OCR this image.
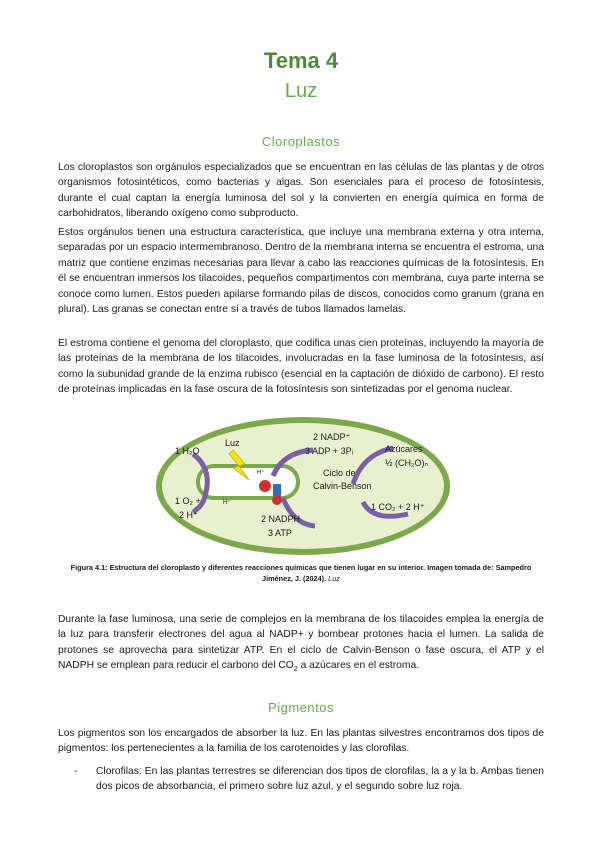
Tema 4
Luz
Cloroplastos

Los cloroplastos son orgánulos especializados que se encuentran en las células de las plantas y de otros organismos fotosintéticos, como bacterias y algas. Son esenciales para el proceso de fotosíntesis, durante el cual captan la energía luminosa del sol y la convierten en energía química en forma de carbohidratos, liberando oxígeno como subproducto.

Estos orgánulos tienen una estructura característica, que incluye una membrana externa y otra interna, separadas por un espacio intermembranoso. Dentro de la membrana interna se encuentra el estroma, una matriz que contiene enzimas necesarias para llevar a cabo las reacciones químicas de la fotosíntesis. En él se encuentran inmersos los tilacoides, pequeños compartimentos con membrana, cuya parte interna se conoce como lumen. Estos pueden apilarse formando pilas de discos, conocidos como granum (grana en plural). Las granas se conectan entre sí a través de tubos llamados lamelas.

El estroma contiene el genoma del cloroplasto, que codifica unas cien proteínas, incluyendo la mayoría de las proteínas de la membrana de los tilacoides, involucradas en la fase luminosa de la fotosíntesis, así como la subunidad grande de la enzima rubisco (esencial en la captación de dióxido de carbono). El resto de proteínas implicadas en la fase oscura de la fotosíntesis son sintetizadas por el genoma nuclear.

1 H₂O
Luz
2 NADP⁺
3 ADP + 3Pᵢ	Azúcares
½ (CH₂O)ₙ
Ciclo de
Calvin-Benson
1 O₂ +
2 H⁺	2 NADPH
3 ATP
1 CO₂ + 2 H⁺
H⁺
H⁺
Figura 4.1: Estructura del cloroplasto y diferentes reacciones químicas que tienen lugar en su interior. Imagen tomada de: Sampedro Jiménez, J. (2024). Luz

Durante la fase luminosa, una serie de complejos en la membrana de los tilacoides emplea la energía de la luz para transferir electrones del agua al NADP+ y bombear protones hacia el lumen. La salida de protones se aprovecha para sintetizar ATP. En el ciclo de Calvin-Benson o fase oscura, el ATP y el NADPH se emplean para reducir el carbono del $CO_2$ a azúcares en el estroma.

Pigmentos

Los pigmentos son los encargados de absorber la luz. En las plantas silvestres encontramos dos tipos de pigmentos: los pertenecientes a la familia de los carotenoides y las clorofilas.

-	Clorofilas: En las plantas terrestres se diferencian dos tipos de clorofilas, la a y la b. Ambas tienen dos picos de absorbancia, el primero sobre luz azul, y el segundo sobre luz roja.
